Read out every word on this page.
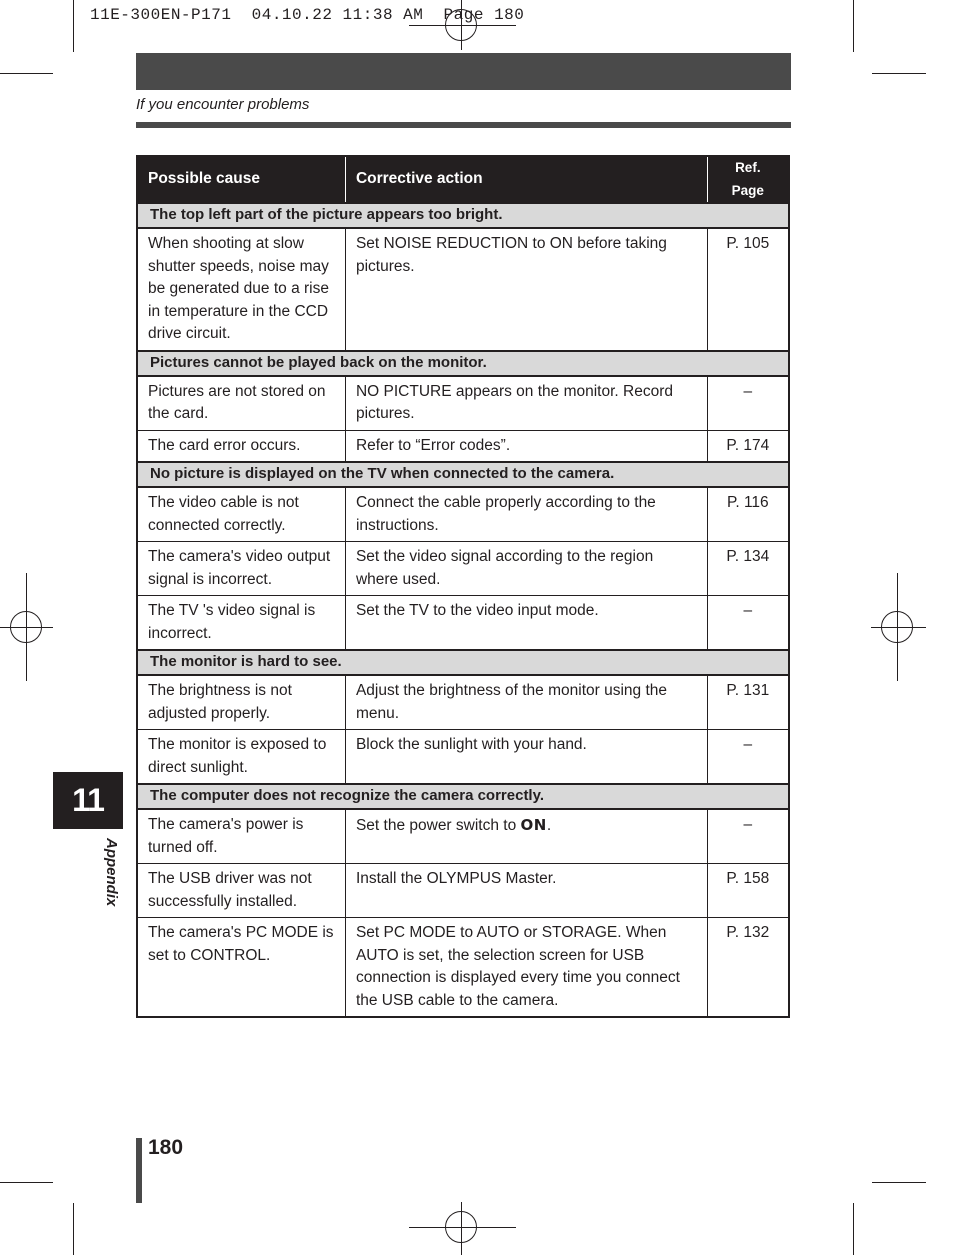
11E-300EN-P171  04.10.22 11:38 AM  Page 180
If you encounter problems
Possible cause	Corrective action	Ref. Page
The top left part of the picture appears too bright.		
When shooting at slow shutter speeds, noise may be generated due to a rise in temperature in the CCD drive circuit.	Set NOISE REDUCTION to ON before taking pictures.	P. 105
Pictures cannot be played back on the monitor.		
Pictures are not stored on the card.	NO PICTURE appears on the monitor. Record pictures.	–
The card error occurs.	Refer to “Error codes”.	P. 174
No picture is displayed on the TV when connected to the camera.		
The video cable is not connected correctly.	Connect the cable properly according to the instructions.	P. 116
The camera's video output signal is incorrect.	Set the video signal according to the region where used.	P. 134
The TV 's video signal is incorrect.	Set the TV to the video input mode.	–
The monitor is hard to see.		
The brightness is not adjusted properly.	Adjust the brightness of the monitor using the menu.	P. 131
The monitor is exposed to direct sunlight.	Block the sunlight with your hand.	–
The computer does not recognize the camera correctly.		
The camera's power is turned off.	Set the power switch to ON.	–
The USB driver was not successfully installed.	Install the OLYMPUS Master.	P. 158
The camera's PC MODE is set to CONTROL.	Set PC MODE to AUTO or STORAGE. When AUTO is set, the selection screen for USB connection is displayed every time you connect the USB cable to the camera.	P. 132
11
Appendix
180
